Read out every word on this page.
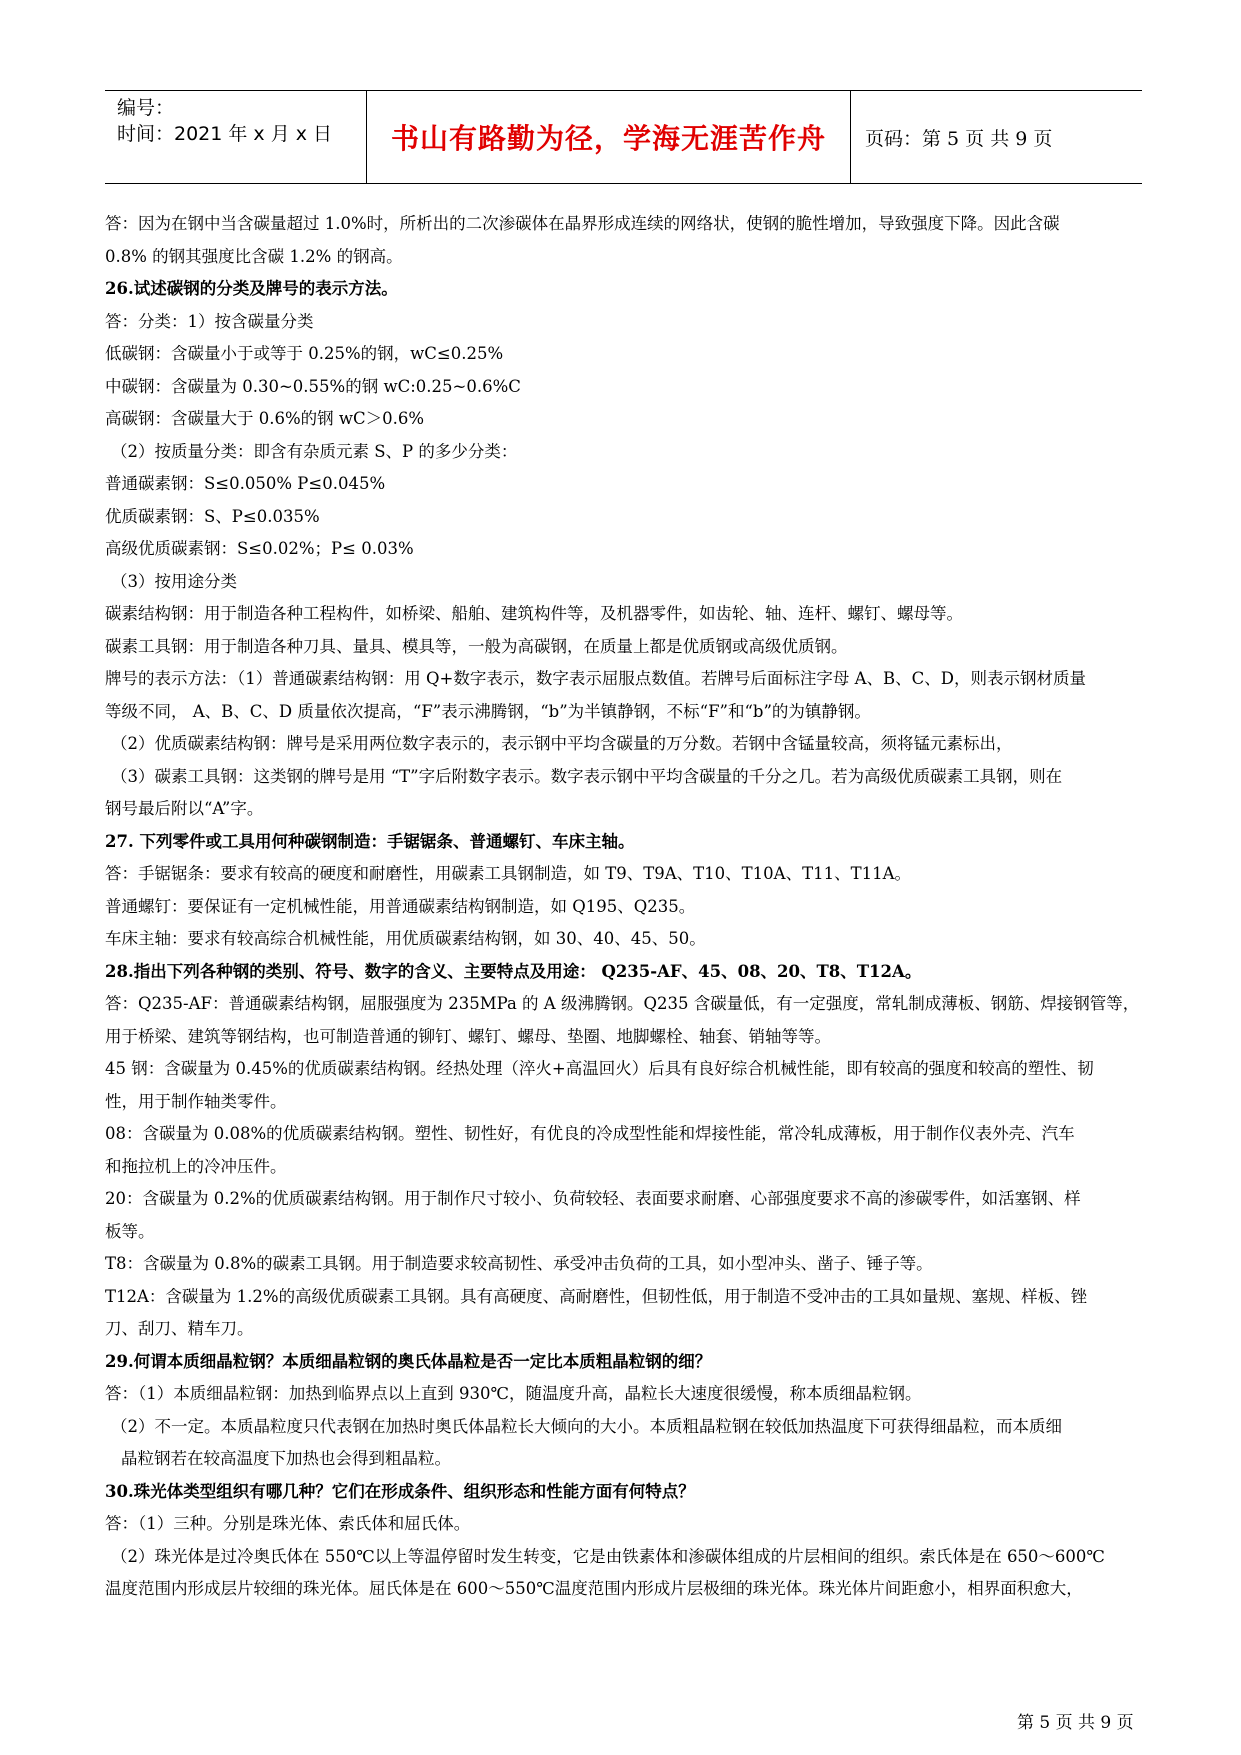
编号：
时间：2021 年 x 月 x 日	书山有路勤为径，学海无涯苦作舟	页码：第 5 页 共 9 页

答：因为在钢中当含碳量超过 1.0%时，所析出的二次渗碳体在晶界形成连续的网络状，使钢的脆性增加，导致强度下降。因此含碳

0.8% 的钢其强度比含碳 1.2% 的钢高。

26.试述碳钢的分类及牌号的表示方法。

答：分类：1）按含碳量分类

低碳钢：含碳量小于或等于 0.25%的钢，wC≤0.25%

中碳钢：含碳量为 0.30~0.55%的钢 wC:0.25~0.6%C

高碳钢：含碳量大于 0.6%的钢 wC＞0.6%

（2）按质量分类：即含有杂质元素 S、P 的多少分类：

普通碳素钢：S≤0.050% P≤0.045%

优质碳素钢：S、P≤0.035%

高级优质碳素钢：S≤0.02%；P≤ 0.03%

（3）按用途分类

碳素结构钢：用于制造各种工程构件，如桥梁、船舶、建筑构件等，及机器零件，如齿轮、轴、连杆、螺钉、螺母等。

碳素工具钢：用于制造各种刀具、量具、模具等，一般为高碳钢，在质量上都是优质钢或高级优质钢。

牌号的表示方法：（1）普通碳素结构钢：用 Q+数字表示，数字表示屈服点数值。若牌号后面标注字母 A、B、C、D，则表示钢材质量

等级不同， A、B、C、D 质量依次提高，“F”表示沸腾钢，“b”为半镇静钢，不标“F”和“b”的为镇静钢。

（2）优质碳素结构钢：牌号是采用两位数字表示的，表示钢中平均含碳量的万分数。若钢中含锰量较高，须将锰元素标出，

（3）碳素工具钢：这类钢的牌号是用 “T”字后附数字表示。数字表示钢中平均含碳量的千分之几。若为高级优质碳素工具钢，则在

钢号最后附以“A”字。

27. 下列零件或工具用何种碳钢制造：手锯锯条、普通螺钉、车床主轴。

答：手锯锯条：要求有较高的硬度和耐磨性，用碳素工具钢制造，如 T9、T9A、T10、T10A、T11、T11A。

普通螺钉：要保证有一定机械性能，用普通碳素结构钢制造，如 Q195、Q235。

车床主轴：要求有较高综合机械性能，用优质碳素结构钢，如 30、40、45、50。

28.指出下列各种钢的类别、符号、数字的含义、主要特点及用途： Q235-AF、45、08、20、T8、T12A。

答：Q235-AF：普通碳素结构钢，屈服强度为 235MPa 的 A 级沸腾钢。Q235 含碳量低，有一定强度，常轧制成薄板、钢筋、焊接钢管等，

用于桥梁、建筑等钢结构，也可制造普通的铆钉、螺钉、螺母、垫圈、地脚螺栓、轴套、销轴等等。

45 钢：含碳量为 0.45%的优质碳素结构钢。经热处理（淬火+高温回火）后具有良好综合机械性能，即有较高的强度和较高的塑性、韧

性，用于制作轴类零件。

08：含碳量为 0.08%的优质碳素结构钢。塑性、韧性好，有优良的冷成型性能和焊接性能，常冷轧成薄板，用于制作仪表外壳、汽车

和拖拉机上的冷冲压件。

20：含碳量为 0.2%的优质碳素结构钢。用于制作尺寸较小、负荷较轻、表面要求耐磨、心部强度要求不高的渗碳零件，如活塞钢、样

板等。

T8：含碳量为 0.8%的碳素工具钢。用于制造要求较高韧性、承受冲击负荷的工具，如小型冲头、凿子、锤子等。

T12A：含碳量为 1.2%的高级优质碳素工具钢。具有高硬度、高耐磨性，但韧性低，用于制造不受冲击的工具如量规、塞规、样板、锉

刀、刮刀、精车刀。

29.何谓本质细晶粒钢？本质细晶粒钢的奥氏体晶粒是否一定比本质粗晶粒钢的细？

答：（1）本质细晶粒钢：加热到临界点以上直到 930℃，随温度升高，晶粒长大速度很缓慢，称本质细晶粒钢。

（2）不一定。本质晶粒度只代表钢在加热时奥氏体晶粒长大倾向的大小。本质粗晶粒钢在较低加热温度下可获得细晶粒，而本质细

晶粒钢若在较高温度下加热也会得到粗晶粒。

30.珠光体类型组织有哪几种？它们在形成条件、组织形态和性能方面有何特点？

答：（1）三种。分别是珠光体、索氏体和屈氏体。

（2）珠光体是过冷奥氏体在 550℃以上等温停留时发生转变，它是由铁素体和渗碳体组成的片层相间的组织。索氏体是在 650～600℃

温度范围内形成层片较细的珠光体。屈氏体是在 600～550℃温度范围内形成片层极细的珠光体。珠光体片间距愈小，相界面积愈大，

第 5 页 共 9 页
